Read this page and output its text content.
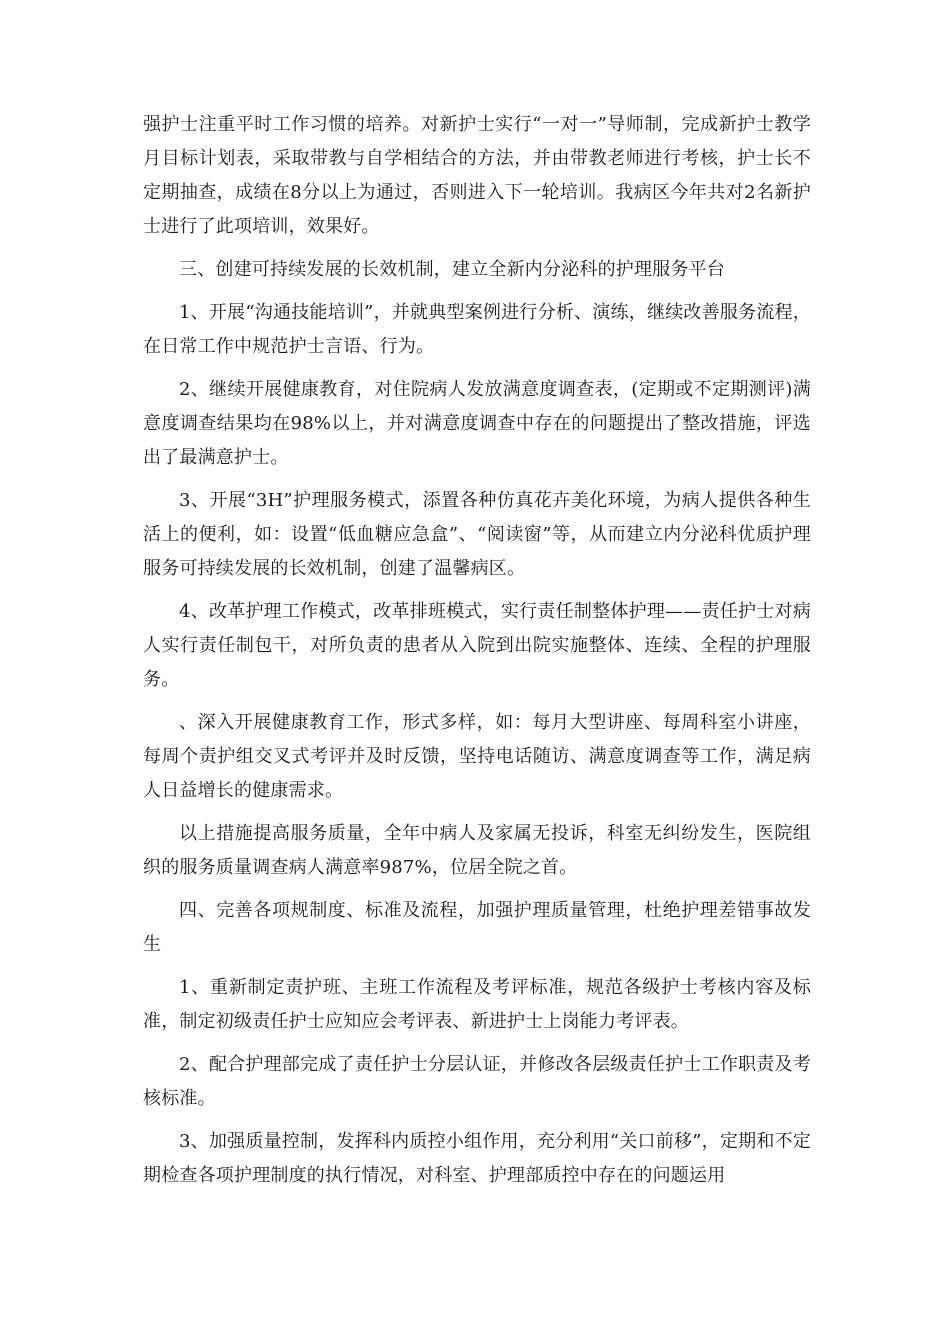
强护士注重平时工作习惯的培养。对新护士实行“一对一”导师制，完成新护士教学月目标计划表，采取带教与自学相结合的方法，并由带教老师进行考核，护士长不定期抽查，成绩在8分以上为通过，否则进入下一轮培训。我病区今年共对2名新护士进行了此项培训，效果好。

三、创建可持续发展的长效机制，建立全新内分泌科的护理服务平台

1、开展“沟通技能培训”，并就典型案例进行分析、演练，继续改善服务流程，在日常工作中规范护士言语、行为。

2、继续开展健康教育，对住院病人发放满意度调查表，(定期或不定期测评)满意度调查结果均在98%以上，并对满意度调查中存在的问题提出了整改措施，评选出了最满意护士。

3、开展“3H”护理服务模式，添置各种仿真花卉美化环境，为病人提供各种生活上的便利，如：设置“低血糖应急盒”、“阅读窗”等，从而建立内分泌科优质护理服务可持续发展的长效机制，创建了温馨病区。

4、改革护理工作模式，改革排班模式，实行责任制整体护理——责任护士对病人实行责任制包干，对所负责的患者从入院到出院实施整体、连续、全程的护理服务。

、深入开展健康教育工作，形式多样，如：每月大型讲座、每周科室小讲座，每周个责护组交叉式考评并及时反馈，坚持电话随访、满意度调查等工作，满足病人日益增长的健康需求。

以上措施提高服务质量，全年中病人及家属无投诉，科室无纠纷发生，医院组织的服务质量调查病人满意率987%，位居全院之首。

四、完善各项规制度、标准及流程，加强护理质量管理，杜绝护理差错事故发生

1、重新制定责护班、主班工作流程及考评标准，规范各级护士考核内容及标准，制定初级责任护士应知应会考评表、新进护士上岗能力考评表。

2、配合护理部完成了责任护士分层认证，并修改各层级责任护士工作职责及考核标准。

3、加强质量控制，发挥科内质控小组作用，充分利用“关口前移”，定期和不定期检查各项护理制度的执行情况，对科室、护理部质控中存在的问题运用
